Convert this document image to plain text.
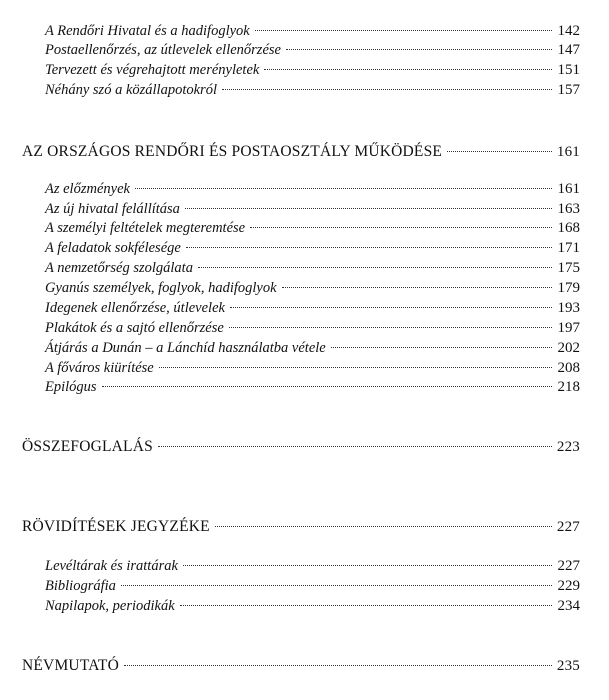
A Rendőri Hivatal és a hadifoglyok	142
Postaellenőrzés, az útlevelek ellenőrzése	147
Tervezett és végrehajtott merényletek	151
Néhány szó a közállapotokról	157
AZ ORSZÁGOS RENDŐRI ÉS POSTAOSZTÁLY MŰKÖDÉSE	161
Az előzmények	161
Az új hivatal felállítása	163
A személyi feltételek megteremtése	168
A feladatok sokfélesége	171
A nemzetőrség szolgálata	175
Gyanús személyek, foglyok, hadifoglyok	179
Idegenek ellenőrzése, útlevelek	193
Plakátok és a sajtó ellenőrzése	197
Átjárás a Dunán – a Lánchíd használatba vétele	202
A főváros kiürítése	208
Epilógus	218
ÖSSZEFOGLALÁS	223
RÖVIDÍTÉSEK JEGYZÉKE	227
Levéltárak és irattárak	227
Bibliográfia	229
Napilapok, periodikák	234
NÉVMUTATÓ	235
